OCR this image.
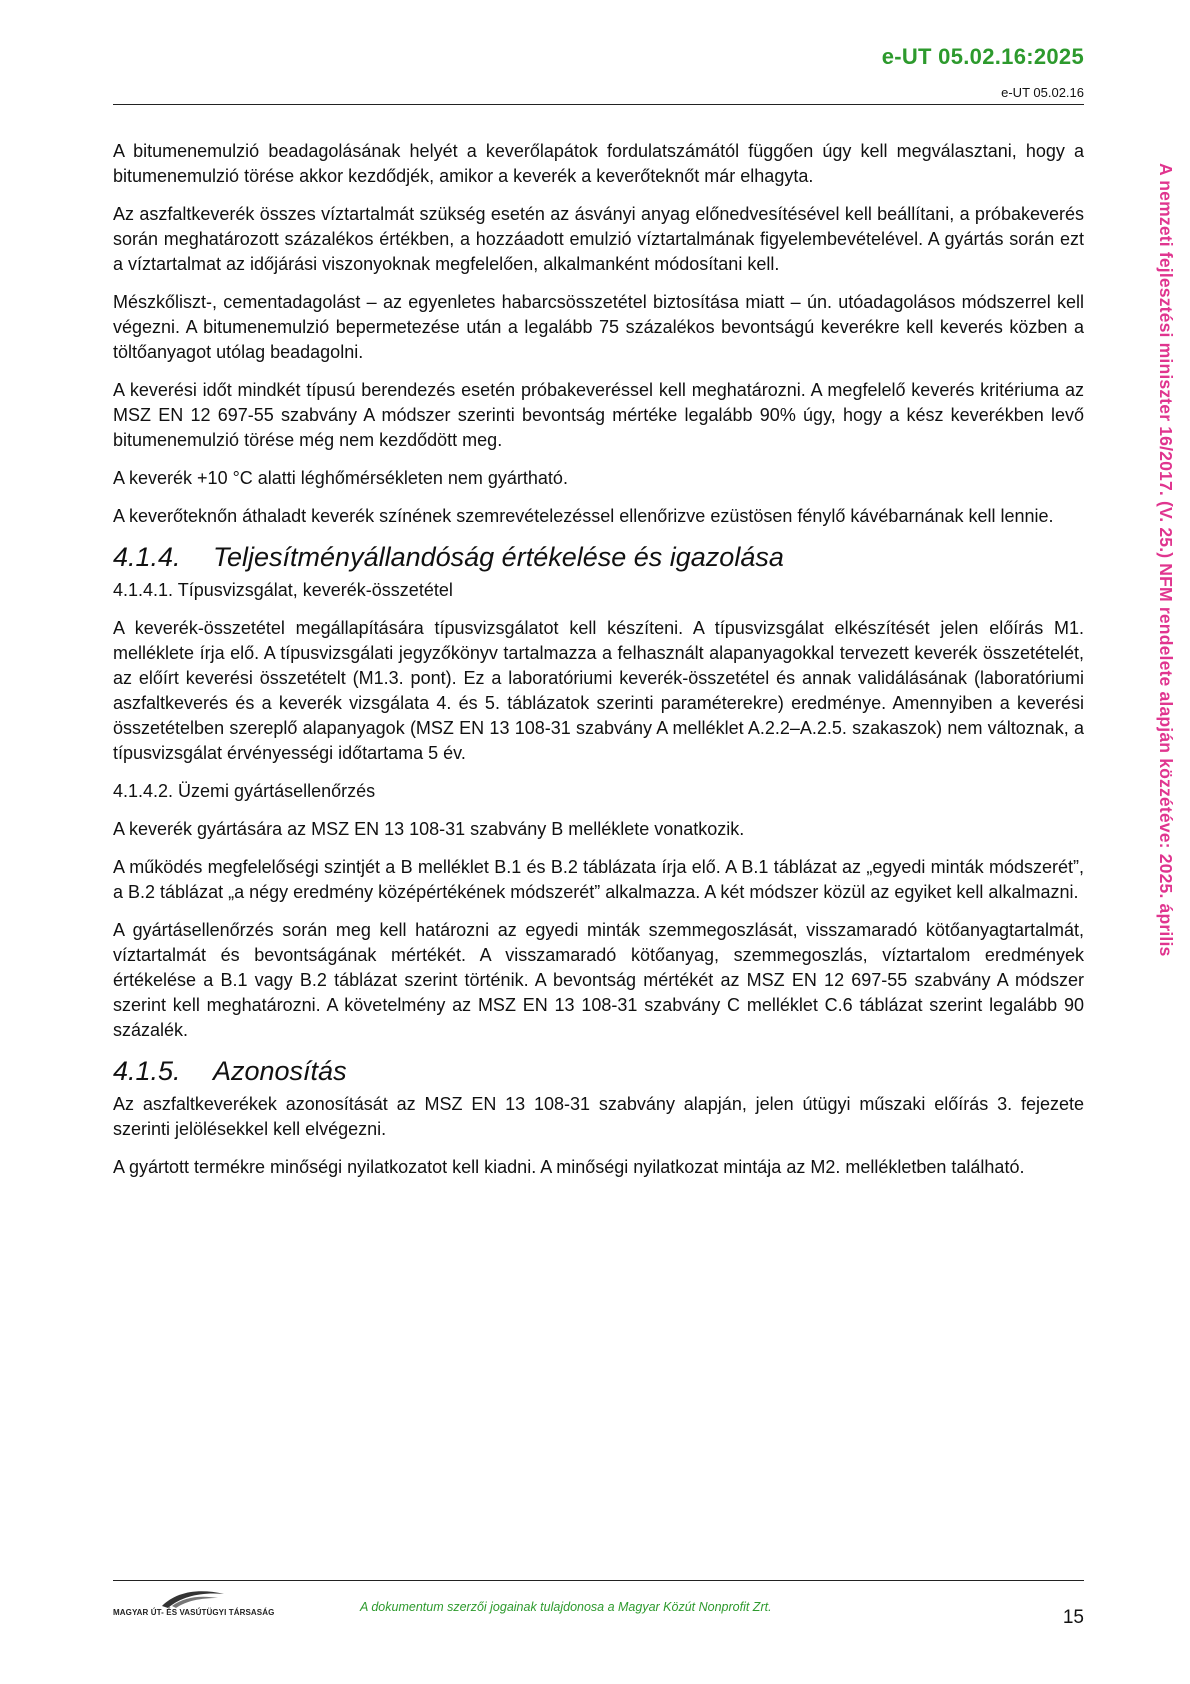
e-UT 05.02.16:2025
e-UT 05.02.16

A bitumenemulzió beadagolásának helyét a keverőlapátok fordulatszámától függően úgy kell megválasztani, hogy a bitumenemulzió törése akkor kezdődjék, amikor a keverék a keverőteknőt már elhagyta.

Az aszfaltkeverék összes víztartalmát szükség esetén az ásványi anyag előnedvesítésével kell beállítani, a próbakeverés során meghatározott százalékos értékben, a hozzáadott emulzió víztartalmának figyelembevételével. A gyártás során ezt a víztartalmat az időjárási viszonyoknak megfelelően, alkalmanként módosítani kell.

Mészkőliszt-, cementadagolást – az egyenletes habarcsösszetétel biztosítása miatt – ún. utóadagolásos módszerrel kell végezni. A bitumenemulzió bepermetezése után a legalább 75 százalékos bevontságú keverékre kell keverés közben a töltőanyagot utólag beadagolni.

A keverési időt mindkét típusú berendezés esetén próbakeveréssel kell meghatározni. A megfelelő keverés kritériuma az MSZ EN 12 697-55 szabvány A módszer szerinti bevontság mértéke legalább 90% úgy, hogy a kész keverékben levő bitumenemulzió törése még nem kezdődött meg.

A keverék +10 °C alatti léghőmérsékleten nem gyártható.

A keverőteknőn áthaladt keverék színének szemrevételezéssel ellenőrizve ezüstösen fénylő kávébarnának kell lennie.

4.1.4.	Teljesítményállandóság értékelése és igazolása
4.1.4.1. Típusvizsgálat, keverék-összetétel

A keverék-összetétel megállapítására típusvizsgálatot kell készíteni. A típusvizsgálat elkészítését jelen előírás M1. melléklete írja elő. A típusvizsgálati jegyzőkönyv tartalmazza a felhasznált alapanyagokkal tervezett keverék összetételét, az előírt keverési összetételt (M1.3. pont). Ez a laboratóriumi keverék-összetétel és annak validálásának (laboratóriumi aszfaltkeverés és a keverék vizsgálata 4. és 5. táblázatok szerinti paraméterekre) eredménye. Amennyiben a keverési összetételben szereplő alapanyagok (MSZ EN 13 108-31 szabvány A melléklet A.2.2–A.2.5. szakaszok) nem változnak, a típusvizsgálat érvényességi időtartama 5 év.

4.1.4.2. Üzemi gyártásellenőrzés

A keverék gyártására az MSZ EN 13 108-31 szabvány B melléklete vonatkozik.

A működés megfelelőségi szintjét a B melléklet B.1 és B.2 táblázata írja elő. A B.1 táblázat az „egyedi minták módszerét”, a B.2 táblázat „a négy eredmény középértékének módszerét” alkalmazza. A két módszer közül az egyiket kell alkalmazni.

A gyártásellenőrzés során meg kell határozni az egyedi minták szemmegoszlását, visszamaradó kötőanyagtartalmát, víztartalmát és bevontságának mértékét. A visszamaradó kötőanyag, szemmegoszlás, víztartalom eredmények értékelése a B.1 vagy B.2 táblázat szerint történik. A bevontság mértékét az MSZ EN 12 697-55 szabvány A módszer szerint kell meghatározni. A követelmény az MSZ EN 13 108-31 szabvány C melléklet C.6 táblázat szerint legalább 90 százalék.

4.1.5.	Azonosítás

Az aszfaltkeverékek azonosítását az MSZ EN 13 108-31 szabvány alapján, jelen útügyi műszaki előírás 3. fejezete szerinti jelölésekkel kell elvégezni.

A gyártott termékre minőségi nyilatkozatot kell kiadni. A minőségi nyilatkozat mintája az M2. mellékletben található.

A nemzeti fejlesztési miniszter 16/2017. (V. 25.) NFM rendelete alapján közzétéve: 2025. április
MAGYAR ÚT- ÉS VASÚTÜGYI TÁRSASÁG	A dokumentum szerzői jogainak tulajdonosa a Magyar Közút Nonprofit Zrt.	15
